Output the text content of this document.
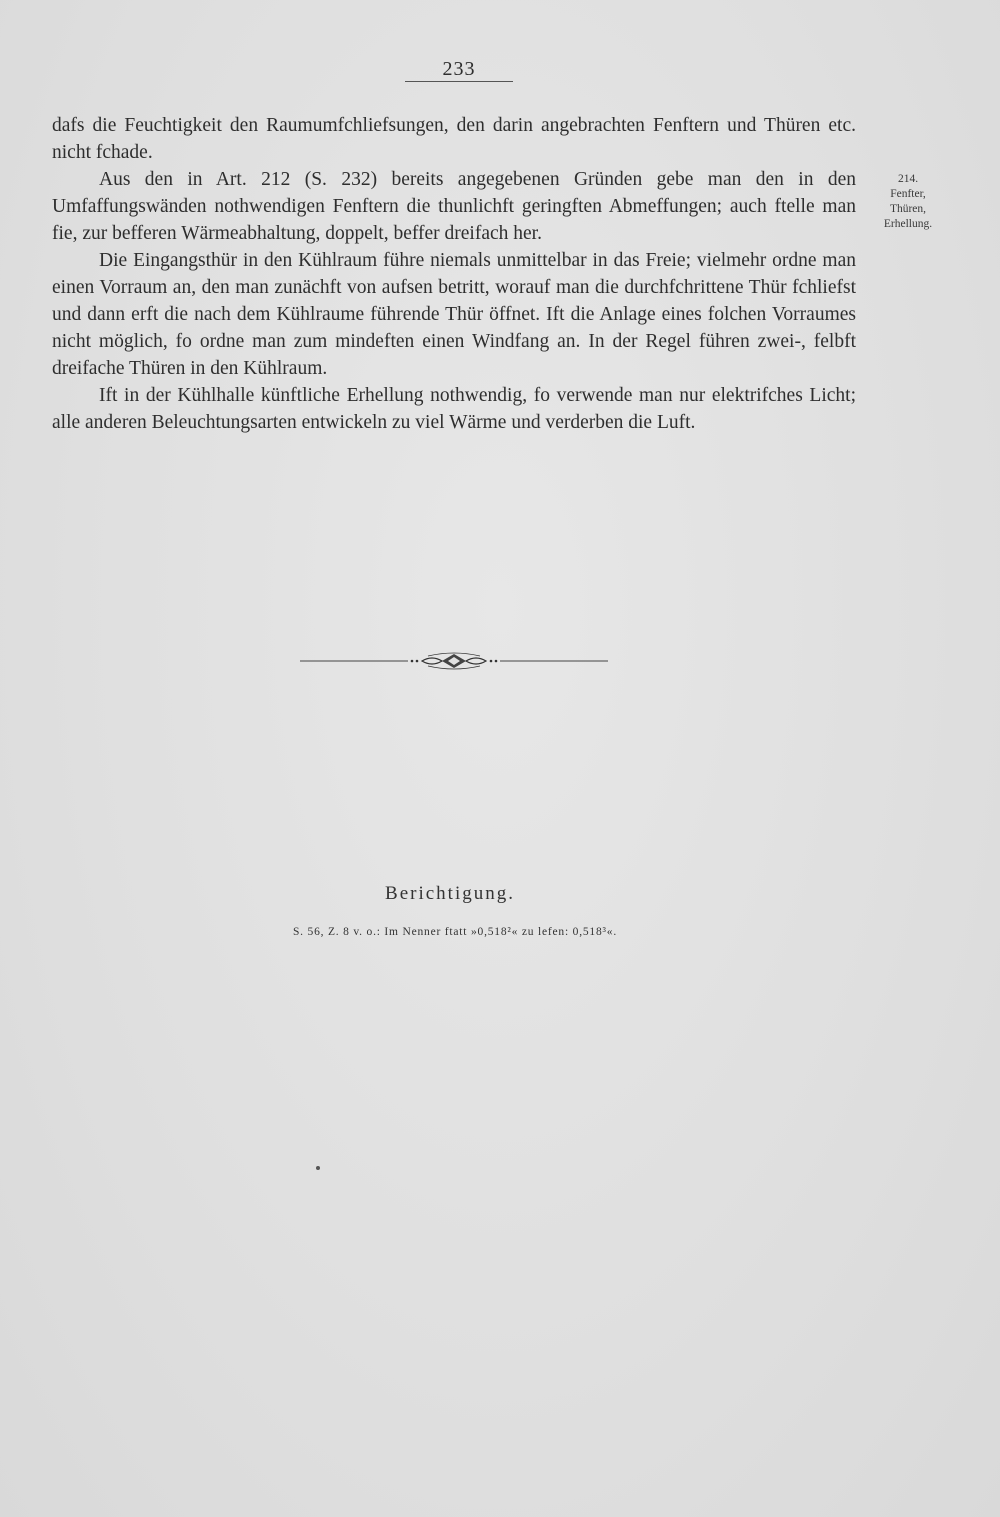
233

dafs die Feuchtigkeit den Raumumfchliefsungen, den darin angebrachten Fenftern und Thüren etc. nicht fchade.

Aus den in Art. 212 (S. 232) bereits angegebenen Gründen gebe man den in den Umfaffungswänden nothwendigen Fenftern die thunlichft geringften Abmeffungen; auch ftelle man fie, zur befferen Wärmeabhaltung, doppelt, beffer dreifach her.

Die Eingangsthür in den Kühlraum führe niemals unmittelbar in das Freie; vielmehr ordne man einen Vorraum an, den man zunächft von aufsen betritt, worauf man die durchfchrittene Thür fchliefst und dann erft die nach dem Kühlraume führende Thür öffnet. Ift die Anlage eines folchen Vorraumes nicht möglich, fo ordne man zum mindeften einen Windfang an. In der Regel führen zwei-, felbft dreifache Thüren in den Kühlraum.

Ift in der Kühlhalle künftliche Erhellung nothwendig, fo verwende man nur elektrifches Licht; alle anderen Beleuchtungsarten entwickeln zu viel Wärme und verderben die Luft.

214.
Fenfter,
Thüren,
Erhellung.
Berichtigung.
S. 56, Z. 8 v. o.: Im Nenner ftatt »0,518²« zu lefen: 0,518³«.
